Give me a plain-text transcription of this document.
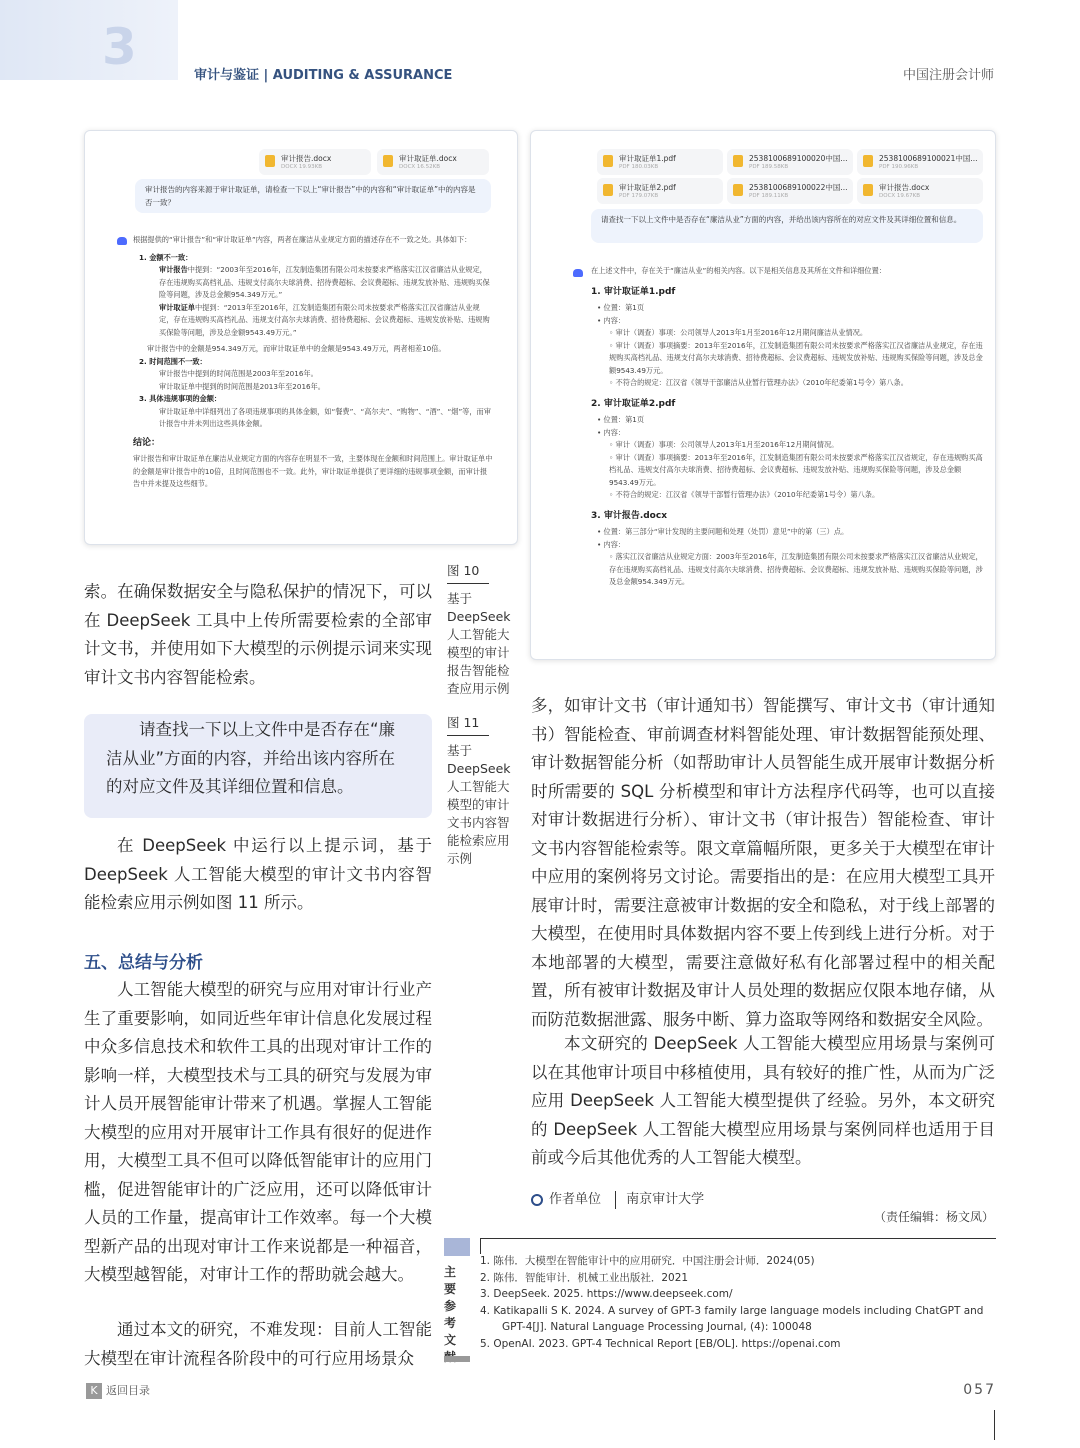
3	审计与鉴证 | AUDITING & ASSURANCE	中国注册会计师
审计报告.docx
DOCX 19.93KB
审计取证单.docx
DOCX 16.52KB
审计报告的内容来源于审计取证单，请检查一下以上“审计报告”中的内容和“审计取证单”中的内容是否一致？
根据提供的“审计报告”和“审计取证单”内容，两者在廉洁从业规定方面的描述存在不一致之处。具体如下：
1. 金额不一致：
审计报告中提到：“2003年至2016年，江发制造集团有限公司未按要求严格落实江汉省廉洁从业规定，存在违规购买高档礼品、违规支付高尔夫球消费、招待费超标、会议费超标、违规发放补贴、违规购买保险等问题，涉及总金额954.349万元。”
审计取证单中提到：“2013年至2016年，江发制造集团有限公司未按要求严格落实江汉省廉洁从业规定，存在违规购买高档礼品、违规支付高尔夫球消费、招待费超标、会议费超标、违规发放补贴、违规购买保险等问题，涉及总金额9543.49万元。”
审计报告中的金额是954.349万元，而审计取证单中的金额是9543.49万元，两者相差10倍。
2. 时间范围不一致：
审计报告中提到的时间范围是2003年至2016年。
审计取证单中提到的时间范围是2013年至2016年。
3. 具体违规事项的金额：
审计取证单中详细列出了各项违规事项的具体金额，如“餐费”、“高尔夫”、“购物”、“酒”、“烟”等，而审计报告中并未列出这些具体金额。
结论：
审计报告和审计取证单在廉洁从业规定方面的内容存在明显不一致，主要体现在金额和时间范围上。审计取证单中的金额是审计报告中的10倍，且时间范围也不一致。此外，审计取证单提供了更详细的违规事项金额，而审计报告中并未提及这些细节。
审计取证单1.pdf
PDF 180.03KB
2538100689100020中国...
PDF 189.58KB
2538100689100021中国...
PDF 190.96KB
审计取证单2.pdf
PDF 179.07KB
2538100689100022中国...
PDF 189.11KB
审计报告.docx
DOCX 19.67KB
请查找一下以上文件中是否存在“廉洁从业”方面的内容，并给出该内容所在的对应文件及其详细位置和信息。
在上述文件中，存在关于“廉洁从业”的相关内容。以下是相关信息及其所在文件和详细位置：
1. 审计取证单1.pdf
• 位置：第1页
• 内容：
◦ 审计（调查）事项：公司领导人2013年1月至2016年12月期间廉洁从业情况。
◦ 审计（调查）事项摘要：2013年至2016年，江发制造集团有限公司未按要求严格落实江汉省廉洁从业规定，存在违规购买高档礼品、违规支付高尔夫球消费、招待费超标、会议费超标、违规发放补贴、违规购买保险等问题，涉及总金额9543.49万元。
◦ 不符合的规定：江汉省《领导干部廉洁从业暂行管理办法》（2010年纪委第1号令）第八条。
2. 审计取证单2.pdf
• 位置：第1页
• 内容：
◦ 审计（调查）事项：公司领导人2013年1月至2016年12月期间情况。
◦ 审计（调查）事项摘要：2013年至2016年，江发制造集团有限公司未按要求严格落实江汉省规定，存在违规购买高档礼品、违规支付高尔夫球消费、招待费超标、会议费超标、违规发放补贴、违规购买保险等问题，涉及总金额9543.49万元。
◦ 不符合的规定：江汉省《领导干部暂行管理办法》（2010年纪委第1号令）第八条。
3. 审计报告.docx
• 位置：第三部分“审计发现的主要问题和处理（处罚）意见”中的第（三）点。
• 内容：
◦ 落实江汉省廉洁从业规定方面：2003年至2016年，江发制造集团有限公司未按要求严格落实江汉省廉洁从业规定，存在违规购买高档礼品、违规支付高尔夫球消费、招待费超标、会议费超标、违规发放补贴、违规购买保险等问题，涉及总金额954.349万元。
图 10
基于DeepSeek人工智能大模型的审计报告智能检查应用示例
图 11
基于DeepSeek人工智能大模型的审计文书内容智能检索应用示例
索。在确保数据安全与隐私保护的情况下，可以在 DeepSeek 工具中上传所需要检索的全部审计文书，并使用如下大模型的示例提示词来实现审计文书内容智能检索。
请查找一下以上文件中是否存在“廉洁从业”方面的内容，并给出该内容所在的对应文件及其详细位置和信息。
在 DeepSeek 中运行以上提示词，基于 DeepSeek 人工智能大模型的审计文书内容智能检索应用示例如图 11 所示。
五、总结与分析
人工智能大模型的研究与应用对审计行业产生了重要影响，如同近些年审计信息化发展过程中众多信息技术和软件工具的出现对审计工作的影响一样，大模型技术与工具的研究与发展为审计人员开展智能审计带来了机遇。掌握人工智能大模型的应用对开展审计工作具有很好的促进作用，大模型工具不但可以降低智能审计的应用门槛，促进智能审计的广泛应用，还可以降低审计人员的工作量，提高审计工作效率。每一个大模型新产品的出现对审计工作来说都是一种福音，大模型越智能，对审计工作的帮助就会越大。
通过本文的研究，不难发现：目前人工智能大模型在审计流程各阶段中的可行应用场景众
多，如审计文书（审计通知书）智能撰写、审计文书（审计通知书）智能检查、审前调查材料智能处理、审计数据智能预处理、审计数据智能分析（如帮助审计人员智能生成开展审计数据分析时所需要的 SQL 分析模型和审计方法程序代码等，也可以直接对审计数据进行分析）、审计文书（审计报告）智能检查、审计文书内容智能检索等。限文章篇幅所限，更多关于大模型在审计中应用的案例将另文讨论。需要指出的是：在应用大模型工具开展审计时，需要注意被审计数据的安全和隐私，对于线上部署的大模型，在使用时具体数据内容不要上传到线上进行分析。对于本地部署的大模型，需要注意做好私有化部署过程中的相关配置，所有被审计数据及审计人员处理的数据应仅限本地存储，从而防范数据泄露、服务中断、算力盗取等网络和数据安全风险。
本文研究的 DeepSeek 人工智能大模型应用场景与案例可以在其他审计项目中移植使用，具有较好的推广性，从而为广泛应用 DeepSeek 人工智能大模型提供了经验。另外，本文研究的 DeepSeek 人工智能大模型应用场景与案例同样也适用于目前或今后其他优秀的人工智能大模型。
作者单位 南京审计大学
（责任编辑：杨文凤）
主要参考文
1. 陈伟．大模型在智能审计中的应用研究．中国注册会计师．2024(05)
2. 陈伟．智能审计．机械工业出版社．2021
3. DeepSeek. 2025. https://www.deepseek.com/
4. Katikapalli S K. 2024. A survey of GPT-3 family large language models including ChatGPT and GPT-4[J]. Natural Language Processing Journal, (4): 100048
5. OpenAI. 2023. GPT-4 Technical Report [EB/OL]. https://openai.com
K 返回目录	057
